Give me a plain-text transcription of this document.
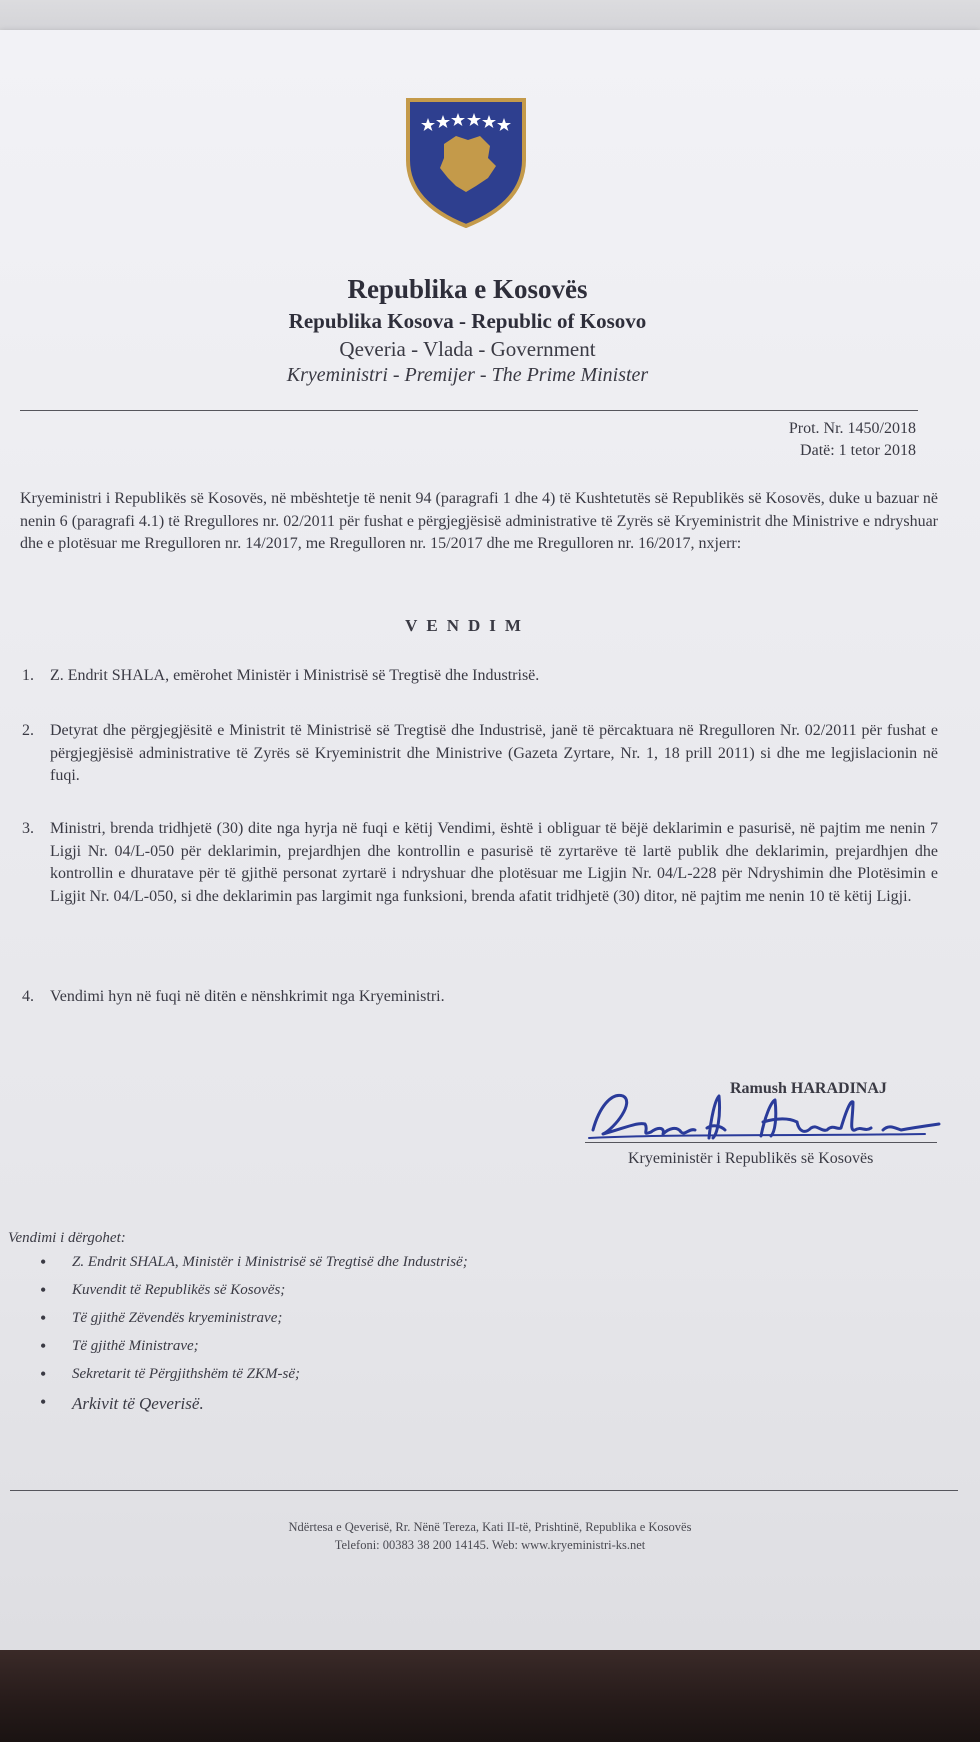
Republika e Kosovës
Republika Kosova - Republic of Kosovo
Qeveria - Vlada - Government
Kryeministri - Premijer - The Prime Minister
Prot. Nr. 1450/2018
Datë: 1 tetor 2018
Kryeministri i Republikës së Kosovës, në mbështetje të nenit 94 (paragrafi 1 dhe 4) të Kushtetutës së Republikës së Kosovës, duke u bazuar në nenin 6 (paragrafi 4.1) të Rregullores nr. 02/2011 për fushat e përgjegjësisë administrative të Zyrës së Kryeministrit dhe Ministrive e ndryshuar dhe e plotësuar me Rregulloren nr. 14/2017, me Rregulloren nr. 15/2017 dhe me Rregulloren nr. 16/2017, nxjerr:
VENDIM
1. Z. Endrit SHALA, emërohet Ministër i Ministrisë së Tregtisë dhe Industrisë.
2. Detyrat dhe përgjegjësitë e Ministrit të Ministrisë së Tregtisë dhe Industrisë, janë të përcaktuara në Rregulloren Nr. 02/2011 për fushat e përgjegjësisë administrative të Zyrës së Kryeministrit dhe Ministrive (Gazeta Zyrtare, Nr. 1, 18 prill 2011) si dhe me legjislacionin në fuqi.
3. Ministri, brenda tridhjetë (30) dite nga hyrja në fuqi e këtij Vendimi, është i obliguar të bëjë deklarimin e pasurisë, në pajtim me nenin 7 Ligji Nr. 04/L-050 për deklarimin, prejardhjen dhe kontrollin e pasurisë të zyrtarëve të lartë publik dhe deklarimin, prejardhjen dhe kontrollin e dhuratave për të gjithë personat zyrtarë i ndryshuar dhe plotësuar me Ligjin Nr. 04/L-228 për Ndryshimin dhe Plotësimin e Ligjit Nr. 04/L-050, si dhe deklarimin pas largimit nga funksioni, brenda afatit tridhjetë (30) ditor, në pajtim me nenin 10 të këtij Ligji.
4. Vendimi hyn në fuqi në ditën e nënshkrimit nga Kryeministri.
Ramush HARADINAJ
Kryeministër i Republikës së Kosovës
Vendimi i dërgohet:
• Z. Endrit SHALA, Ministër i Ministrisë së Tregtisë dhe Industrisë;
• Kuvendit të Republikës së Kosovës;
• Të gjithë Zëvendës kryeministrave;
• Të gjithë Ministrave;
• Sekretarit të Përgjithshëm të ZKM-së;
• Arkivit të Qeverisë.
Ndërtesa e Qeverisë, Rr. Nënë Tereza, Kati II-të, Prishtinë, Republika e Kosovës
Telefoni: 00383 38 200 14145. Web: www.kryeministri-ks.net
